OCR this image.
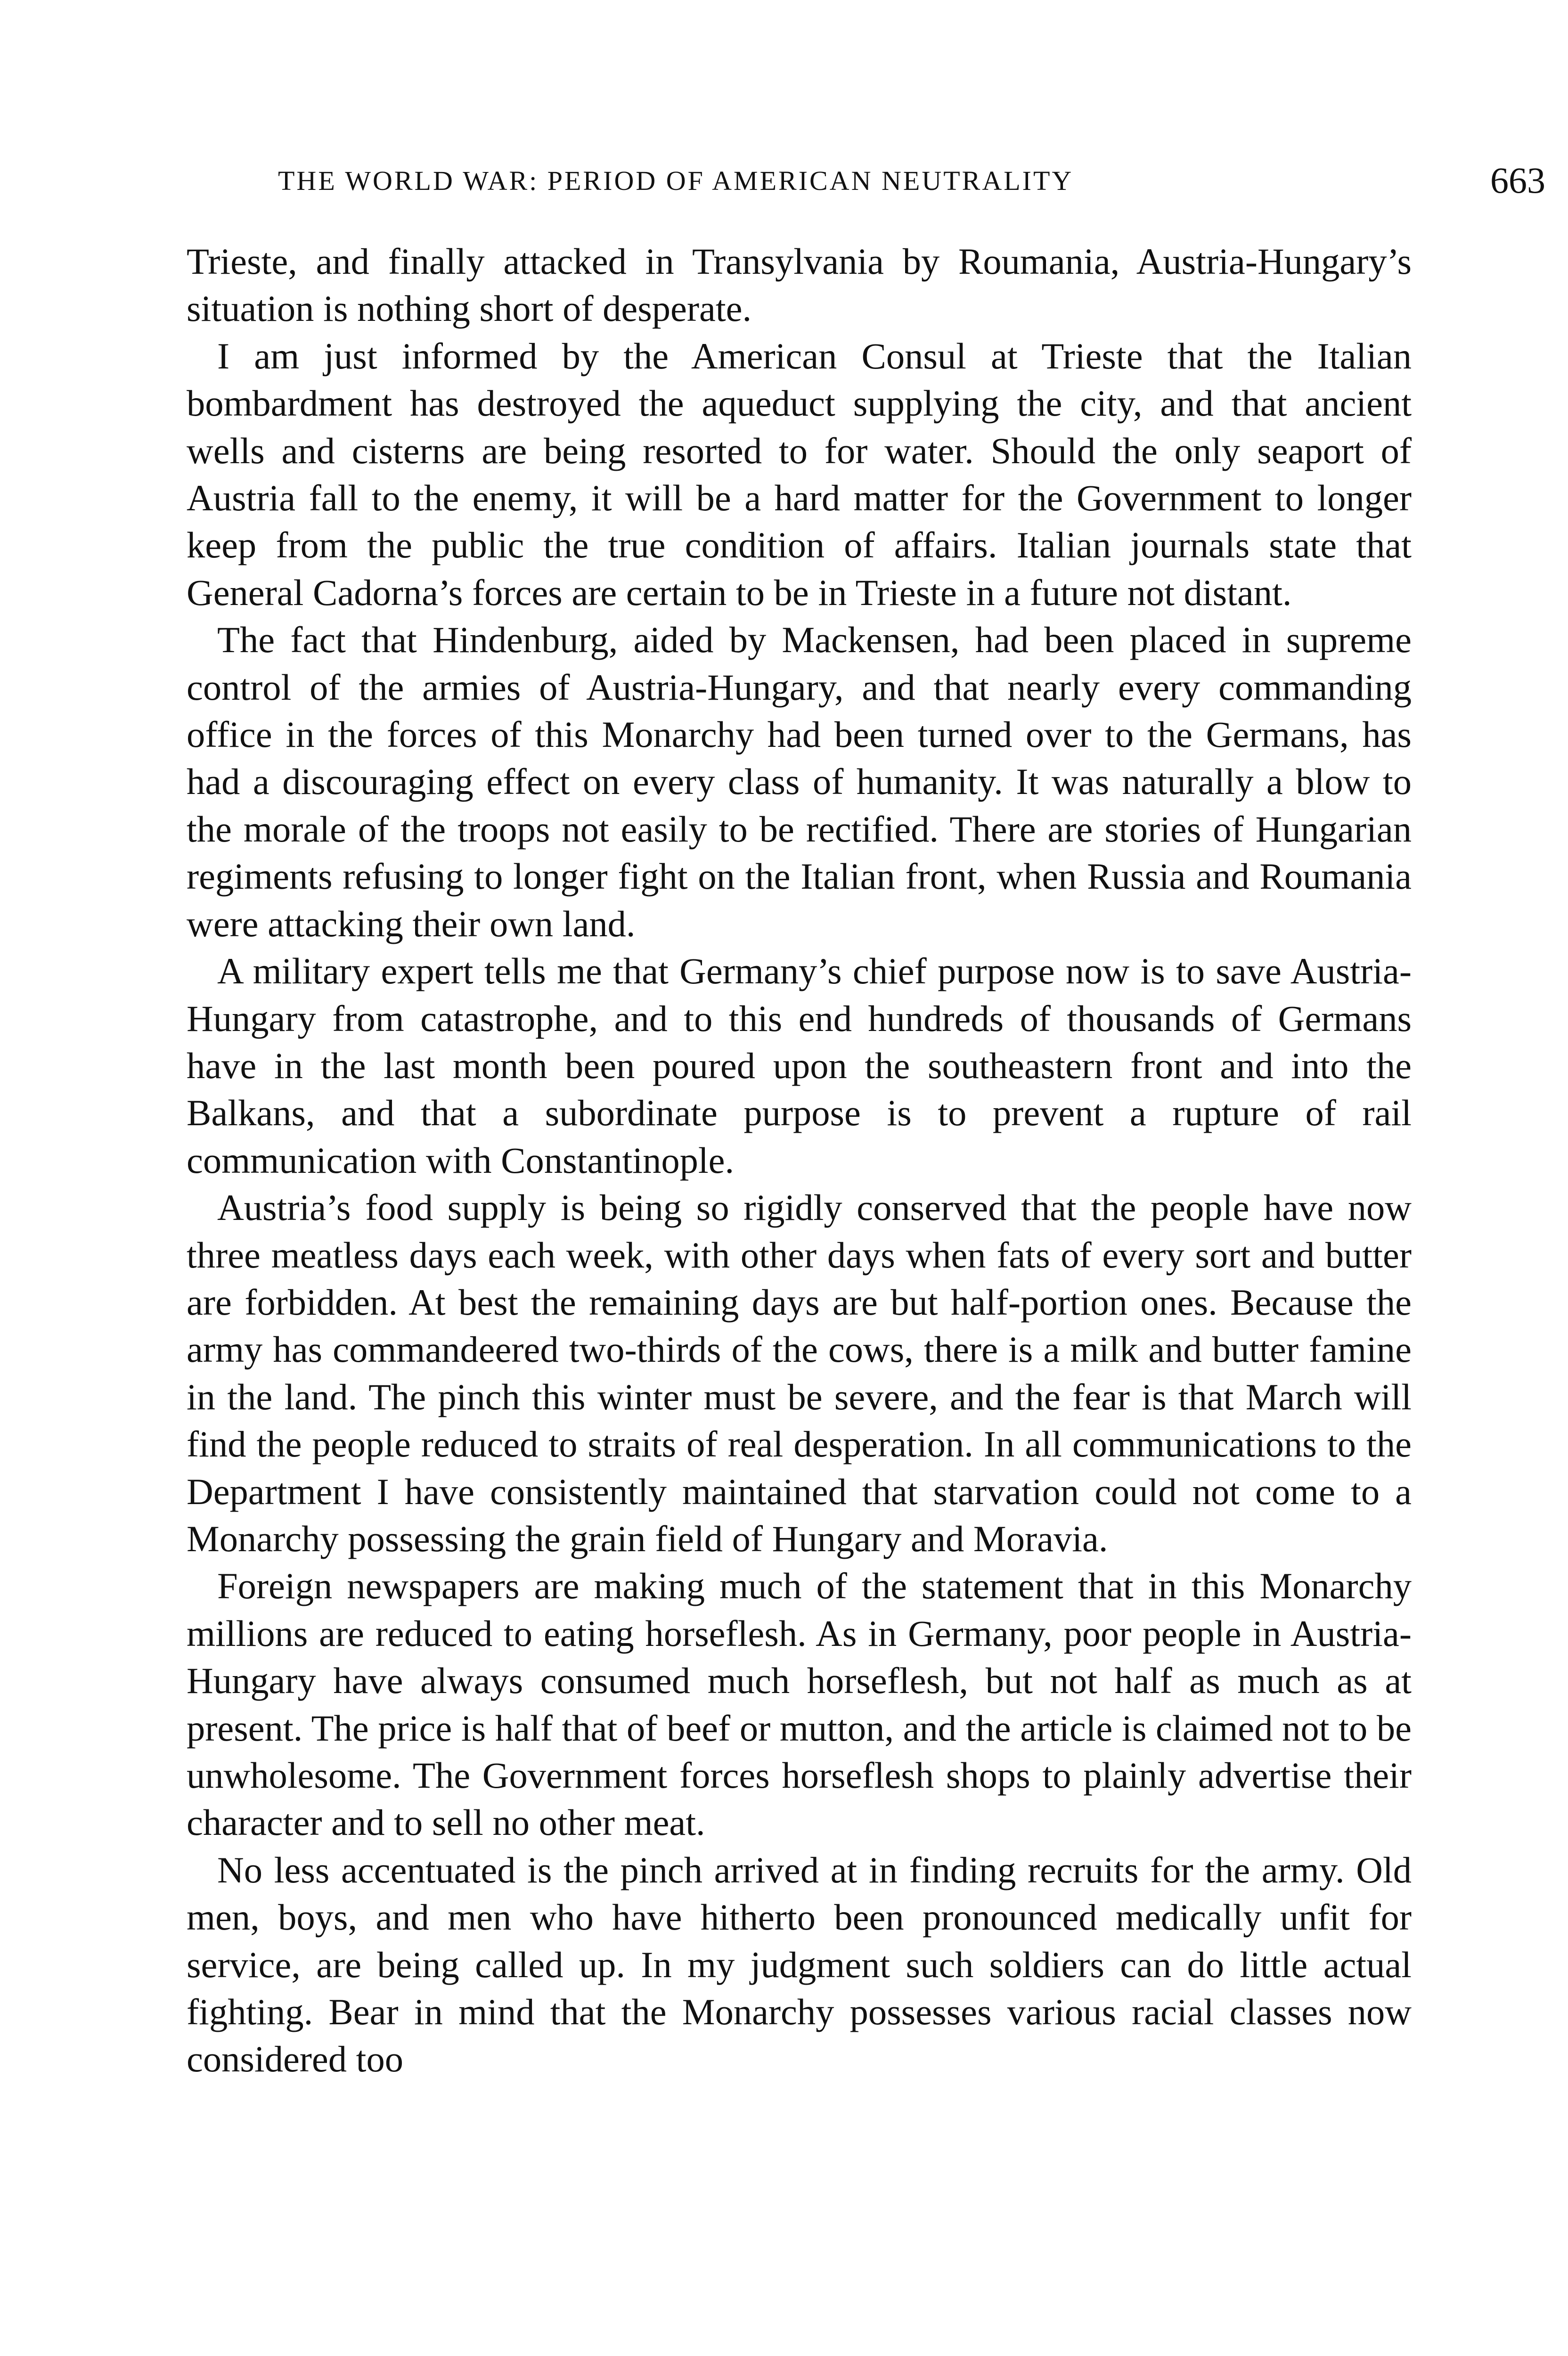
THE WORLD WAR: PERIOD OF AMERICAN NEUTRALITY	663

Trieste, and finally attacked in Transylvania by Roumania, Austria-Hungary’s situation is nothing short of desperate.

I am just informed by the American Consul at Trieste that the Italian bombardment has destroyed the aqueduct supplying the city, and that ancient wells and cisterns are being resorted to for water. Should the only seaport of Austria fall to the enemy, it will be a hard matter for the Government to longer keep from the public the true condition of affairs. Italian journals state that General Cadorna’s forces are certain to be in Trieste in a future not distant.

The fact that Hindenburg, aided by Mackensen, had been placed in supreme control of the armies of Austria-Hungary, and that nearly every commanding office in the forces of this Monarchy had been turned over to the Germans, has had a discouraging effect on every class of humanity. It was naturally a blow to the morale of the troops not easily to be rectified. There are stories of Hungarian regiments refusing to longer fight on the Italian front, when Russia and Roumania were attacking their own land.

A military expert tells me that Germany’s chief purpose now is to save Austria-Hungary from catastrophe, and to this end hundreds of thousands of Germans have in the last month been poured upon the southeastern front and into the Balkans, and that a subordinate purpose is to prevent a rupture of rail communication with Constantinople.

Austria’s food supply is being so rigidly conserved that the people have now three meatless days each week, with other days when fats of every sort and butter are forbidden. At best the remaining days are but half-portion ones. Because the army has commandeered two-thirds of the cows, there is a milk and butter famine in the land. The pinch this winter must be severe, and the fear is that March will find the people reduced to straits of real desperation. In all communications to the Department I have consistently maintained that starvation could not come to a Monarchy possessing the grain field of Hungary and Moravia.

Foreign newspapers are making much of the statement that in this Monarchy millions are reduced to eating horseflesh. As in Germany, poor people in Austria-Hungary have always consumed much horseflesh, but not half as much as at present. The price is half that of beef or mutton, and the article is claimed not to be unwholesome. The Government forces horseflesh shops to plainly advertise their character and to sell no other meat.

No less accentuated is the pinch arrived at in finding recruits for the army. Old men, boys, and men who have hitherto been pronounced medically unfit for service, are being called up. In my judgment such soldiers can do little actual fighting. Bear in mind that the Monarchy possesses various racial classes now considered too
